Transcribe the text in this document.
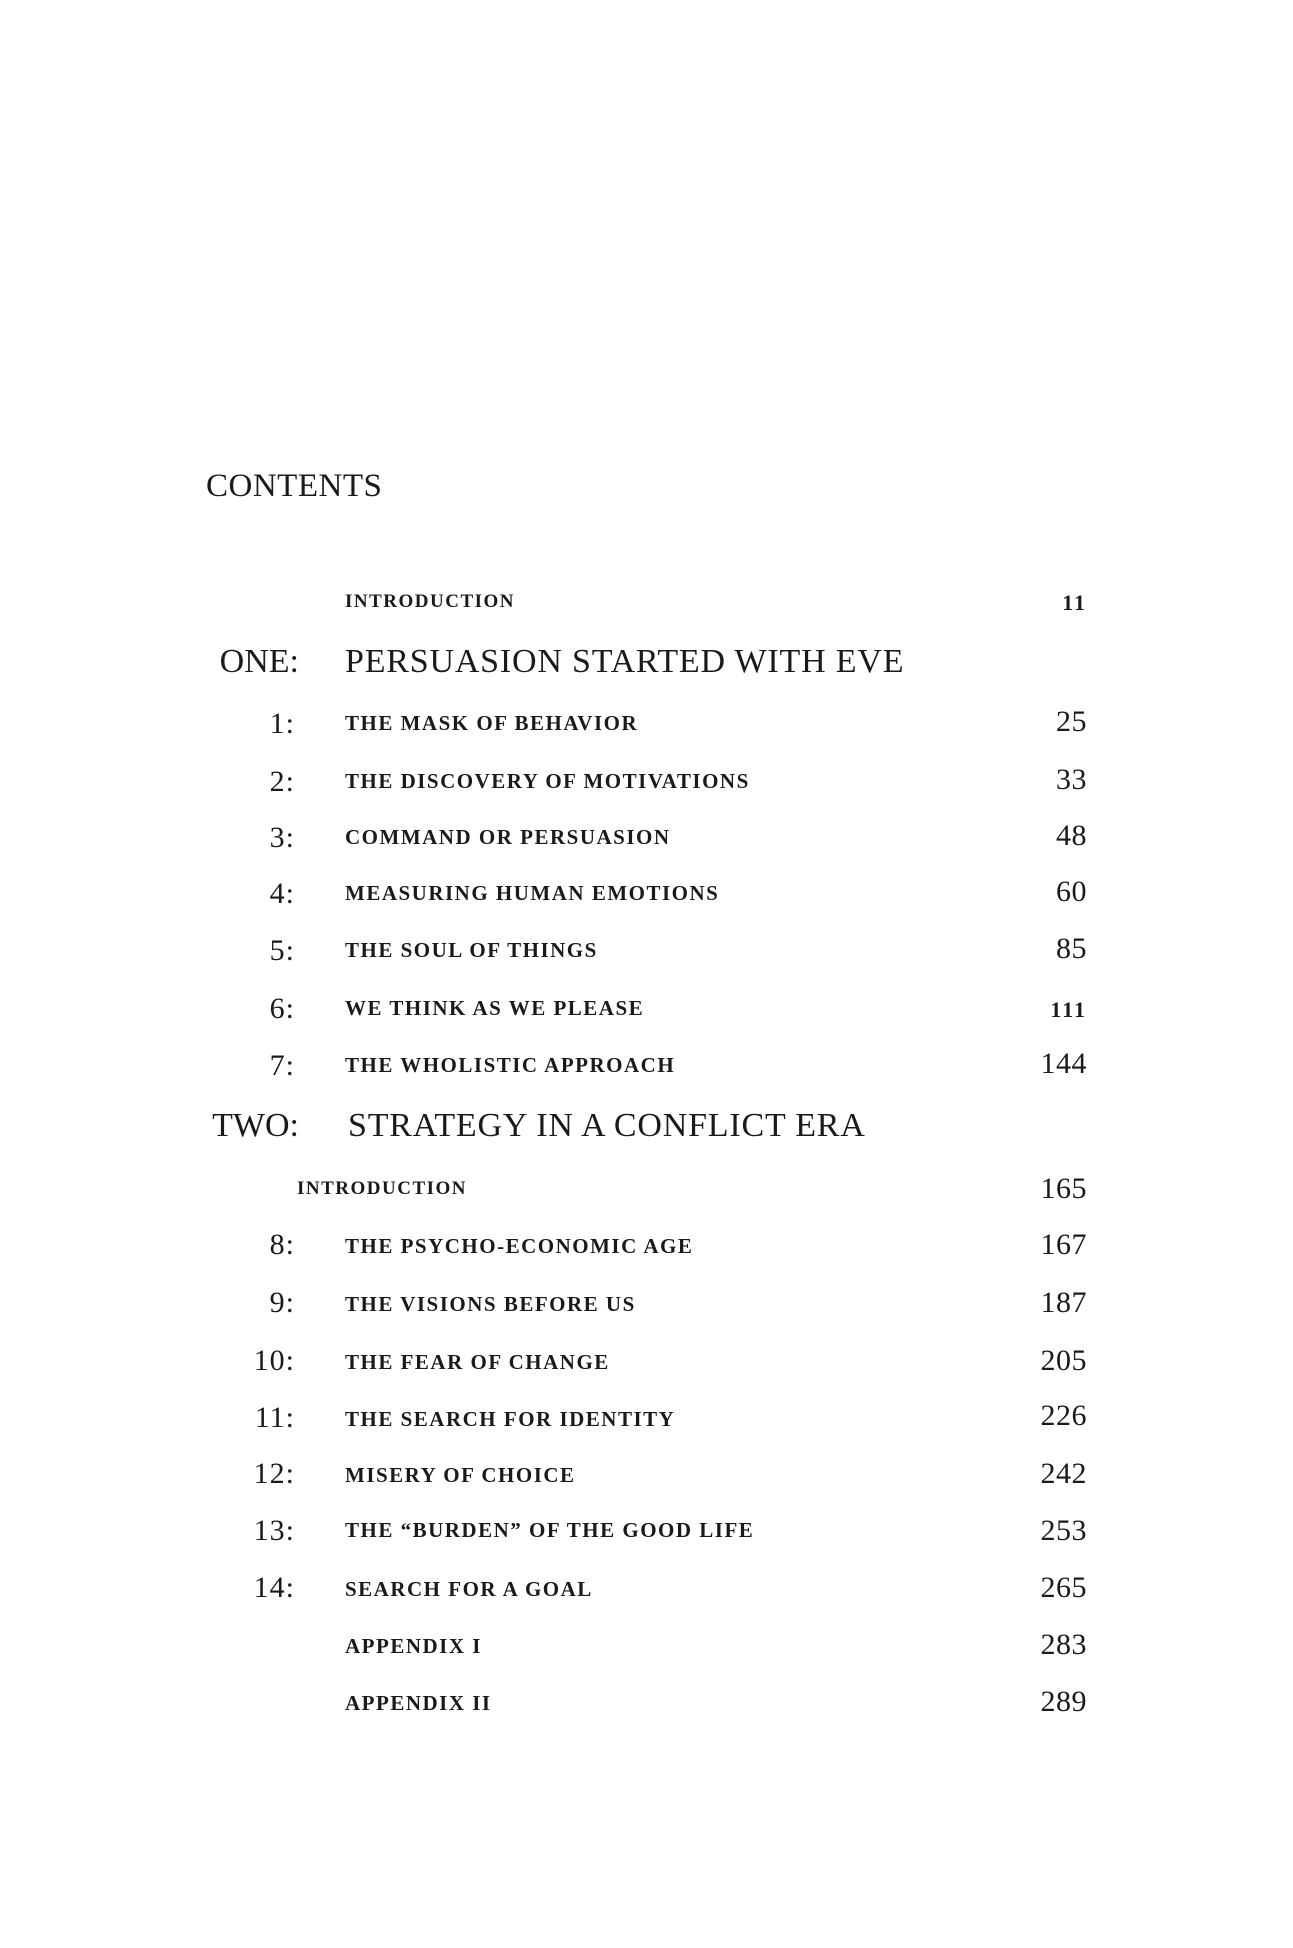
CONTENTS
INTRODUCTION	11
ONE: PERSUASION STARTED WITH EVE
1: THE MASK OF BEHAVIOR	25
2: THE DISCOVERY OF MOTIVATIONS	33
3: COMMAND OR PERSUASION	48
4: MEASURING HUMAN EMOTIONS	60
5: THE SOUL OF THINGS	85
6: WE THINK AS WE PLEASE	111
7: THE WHOLISTIC APPROACH	144
TWO: STRATEGY IN A CONFLICT ERA
INTRODUCTION	165
8: THE PSYCHO-ECONOMIC AGE	167
9: THE VISIONS BEFORE US	187
10: THE FEAR OF CHANGE	205
11: THE SEARCH FOR IDENTITY	226
12: MISERY OF CHOICE	242
13: THE “BURDEN” OF THE GOOD LIFE	253
14: SEARCH FOR A GOAL	265
APPENDIX I	283
APPENDIX II	289
